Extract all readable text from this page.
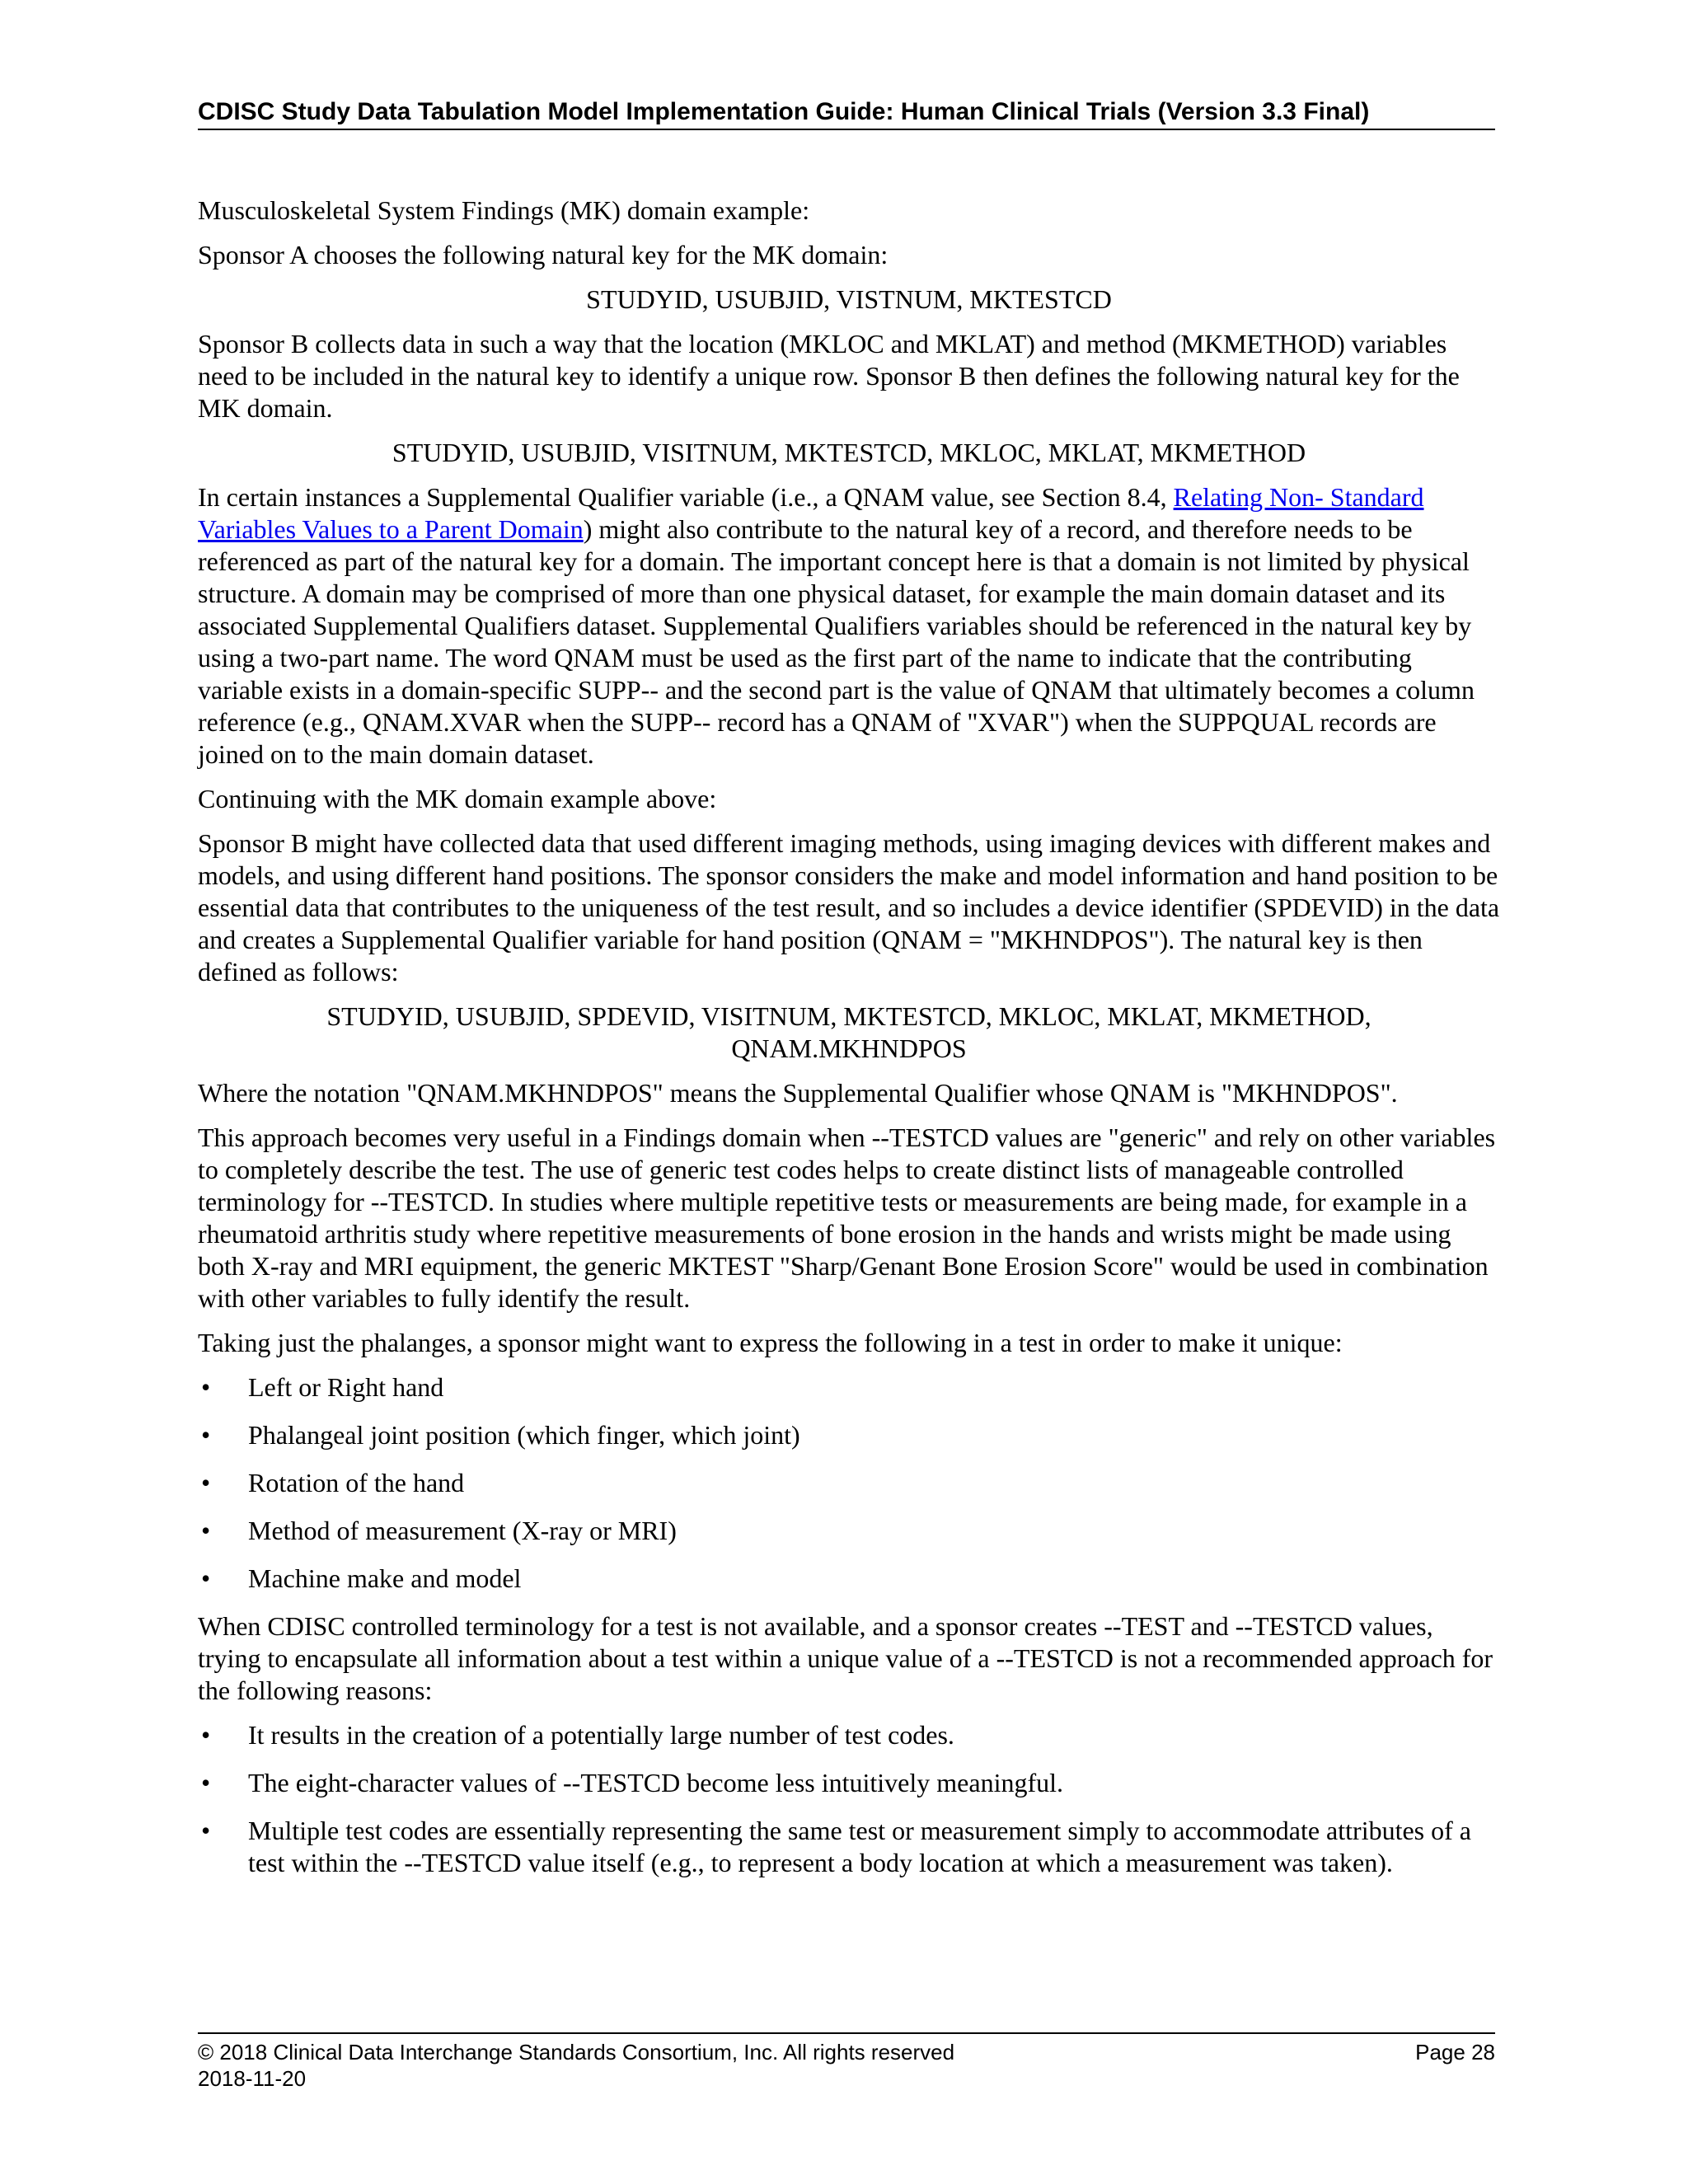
CDISC Study Data Tabulation Model Implementation Guide: Human Clinical Trials (Version 3.3 Final)

Musculoskeletal System Findings (MK) domain example:

Sponsor A chooses the following natural key for the MK domain:

STUDYID, USUBJID, VISTNUM, MKTESTCD

Sponsor B collects data in such a way that the location (MKLOC and MKLAT) and method (MKMETHOD) variables need to be included in the natural key to identify a unique row. Sponsor B then defines the following natural key for the MK domain.

STUDYID, USUBJID, VISITNUM, MKTESTCD, MKLOC, MKLAT, MKMETHOD

In certain instances a Supplemental Qualifier variable (i.e., a QNAM value, see Section 8.4, Relating Non- Standard Variables Values to a Parent Domain) might also contribute to the natural key of a record, and therefore needs to be referenced as part of the natural key for a domain. The important concept here is that a domain is not limited by physical structure. A domain may be comprised of more than one physical dataset, for example the main domain dataset and its associated Supplemental Qualifiers dataset. Supplemental Qualifiers variables should be referenced in the natural key by using a two-part name. The word QNAM must be used as the first part of the name to indicate that the contributing variable exists in a domain-specific SUPP-- and the second part is the value of QNAM that ultimately becomes a column reference (e.g., QNAM.XVAR when the SUPP-- record has a QNAM of "XVAR") when the SUPPQUAL records are joined on to the main domain dataset.

Continuing with the MK domain example above:

Sponsor B might have collected data that used different imaging methods, using imaging devices with different makes and models, and using different hand positions. The sponsor considers the make and model information and hand position to be essential data that contributes to the uniqueness of the test result, and so includes a device identifier (SPDEVID) in the data and creates a Supplemental Qualifier variable for hand position (QNAM = "MKHNDPOS"). The natural key is then defined as follows:

STUDYID, USUBJID, SPDEVID, VISITNUM, MKTESTCD, MKLOC, MKLAT, MKMETHOD,
QNAM.MKHNDPOS

Where the notation "QNAM.MKHNDPOS" means the Supplemental Qualifier whose QNAM is "MKHNDPOS".

This approach becomes very useful in a Findings domain when --TESTCD values are "generic" and rely on other variables to completely describe the test. The use of generic test codes helps to create distinct lists of manageable controlled terminology for --TESTCD. In studies where multiple repetitive tests or measurements are being made, for example in a rheumatoid arthritis study where repetitive measurements of bone erosion in the hands and wrists might be made using both X-ray and MRI equipment, the generic MKTEST "Sharp/Genant Bone Erosion Score" would be used in combination with other variables to fully identify the result.

Taking just the phalanges, a sponsor might want to express the following in a test in order to make it unique:

• Left or Right hand
• Phalangeal joint position (which finger, which joint)
• Rotation of the hand
• Method of measurement (X-ray or MRI)
• Machine make and model

When CDISC controlled terminology for a test is not available, and a sponsor creates --TEST and --TESTCD values, trying to encapsulate all information about a test within a unique value of a --TESTCD is not a recommended approach for the following reasons:

• It results in the creation of a potentially large number of test codes.
• The eight-character values of --TESTCD become less intuitively meaningful.
• Multiple test codes are essentially representing the same test or measurement simply to accommodate attributes of a test within the --TESTCD value itself (e.g., to represent a body location at which a measurement was taken).
© 2018 Clinical Data Interchange Standards Consortium, Inc. All rights reserved	Page 28
2018-11-20
